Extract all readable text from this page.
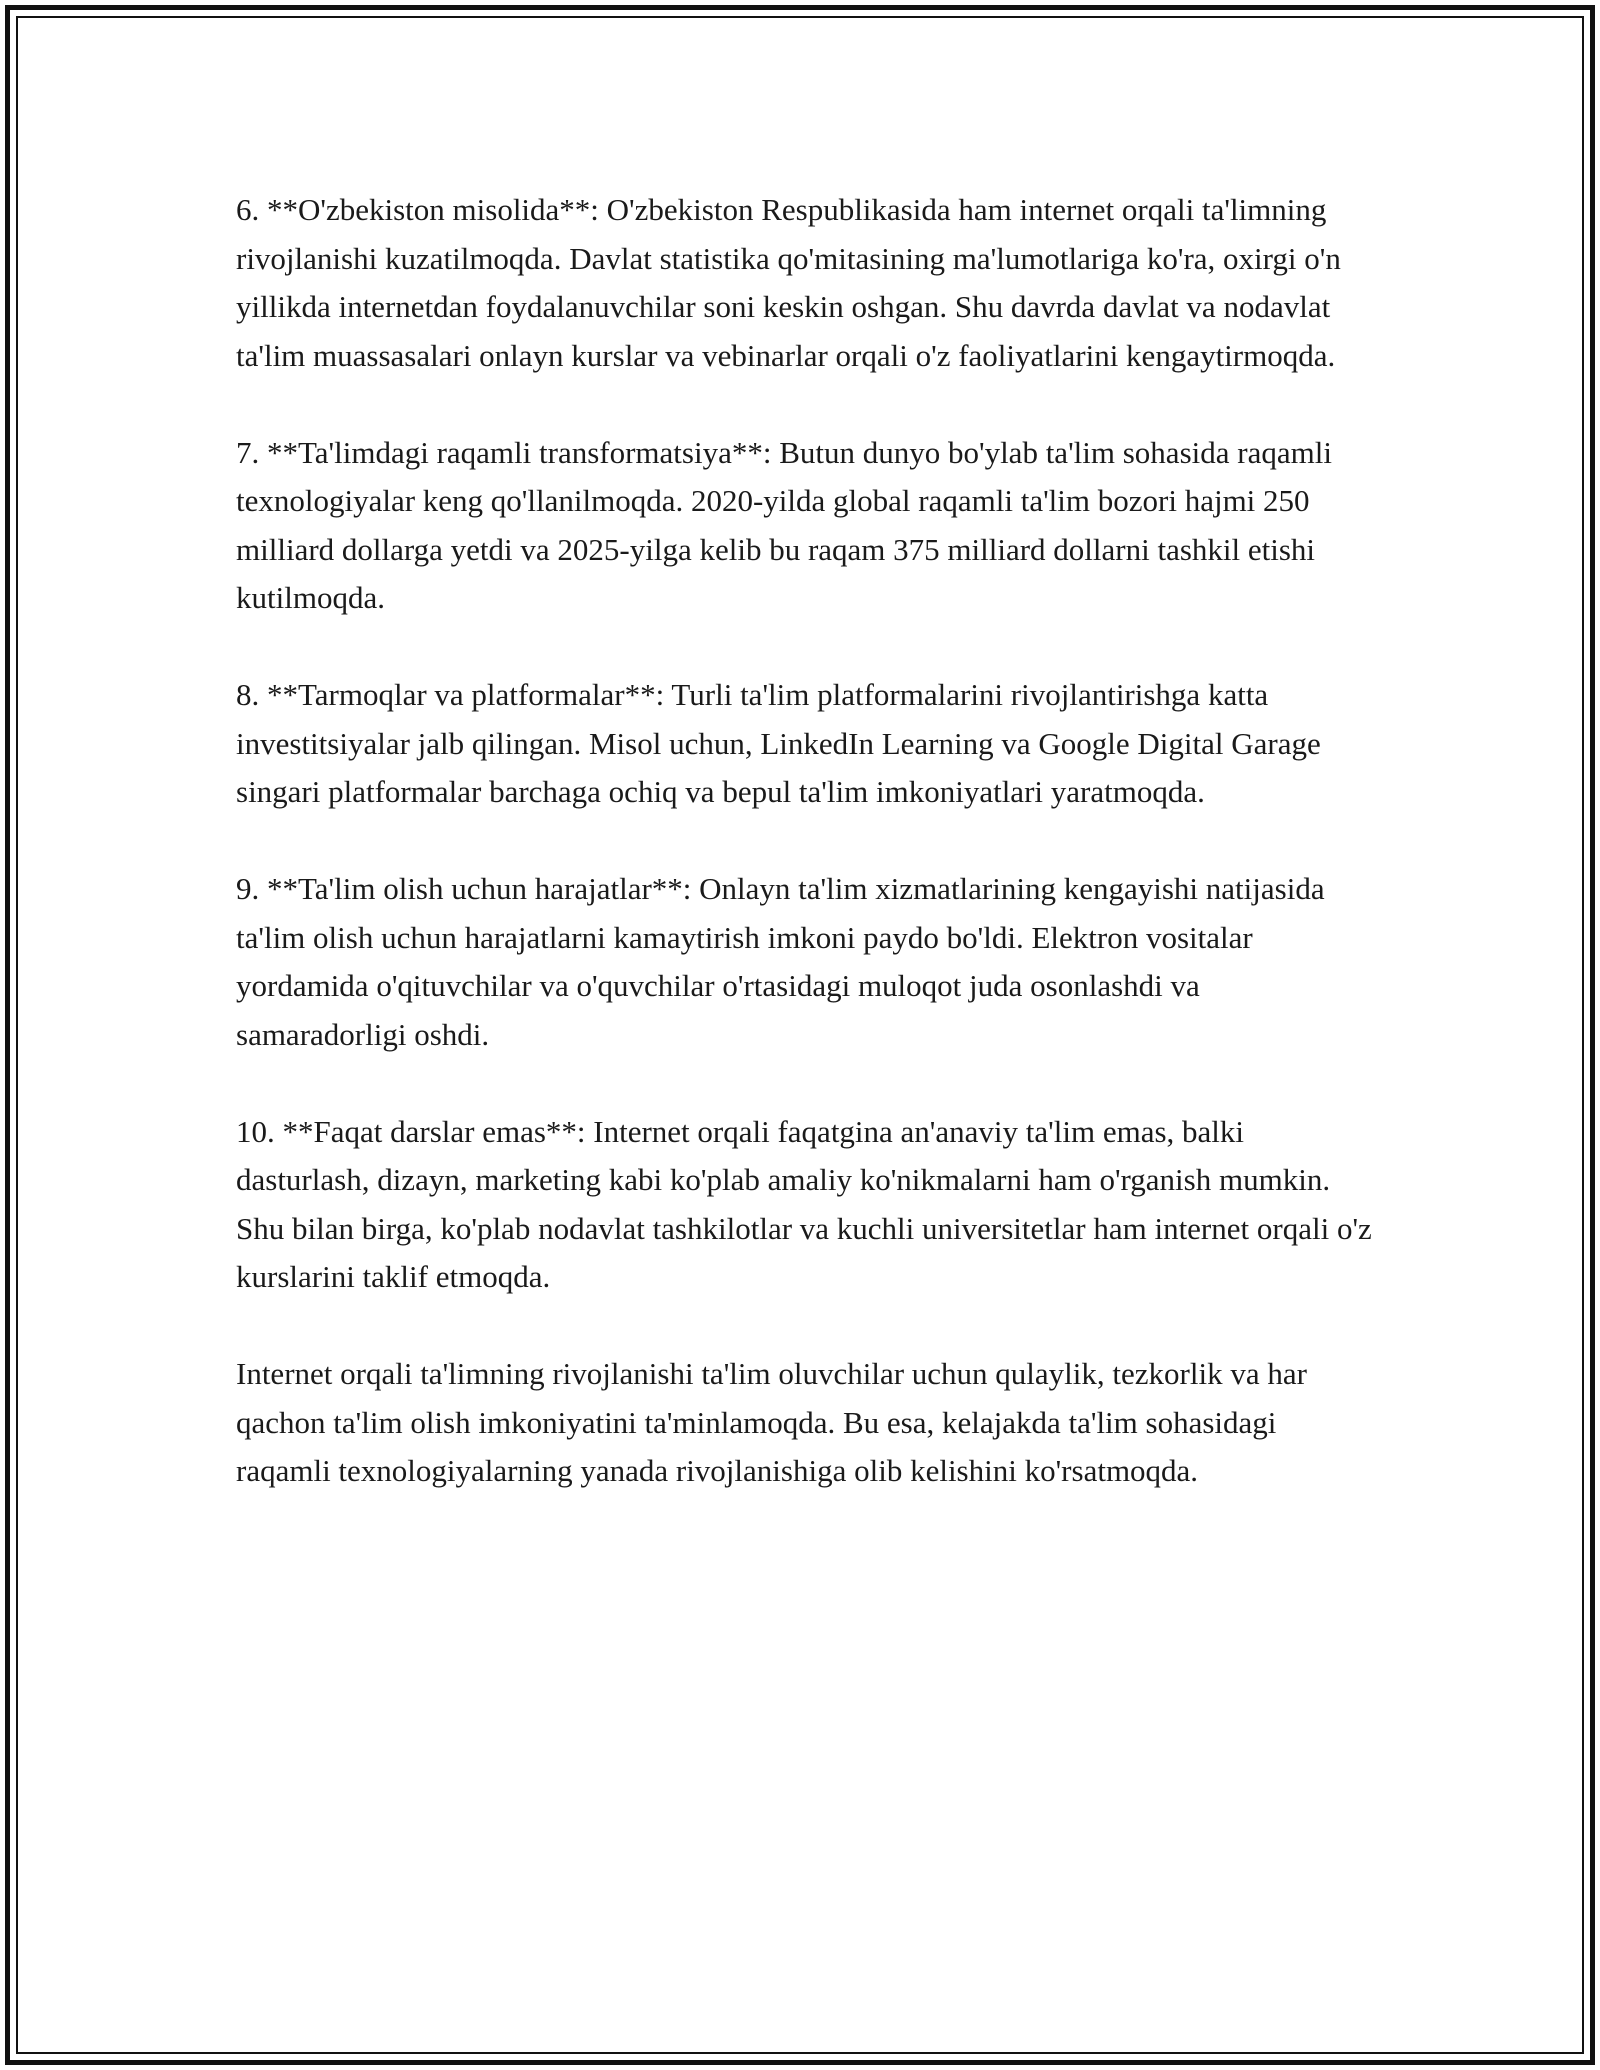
6. **O'zbekiston misolida**: O'zbekiston Respublikasida ham internet orqali ta'limning rivojlanishi kuzatilmoqda. Davlat statistika qo'mitasining ma'lumotlariga ko'ra, oxirgi o'n yillikda internetdan foydalanuvchilar soni keskin oshgan. Shu davrda davlat va nodavlat ta'lim muassasalari onlayn kurslar va vebinarlar orqali o'z faoliyatlarini kengaytirmoqda.

7. **Ta'limdagi raqamli transformatsiya**: Butun dunyo bo'ylab ta'lim sohasida raqamli texnologiyalar keng qo'llanilmoqda. 2020-yilda global raqamli ta'lim bozori hajmi 250 milliard dollarga yetdi va 2025-yilga kelib bu raqam 375 milliard dollarni tashkil etishi kutilmoqda.

8. **Tarmoqlar va platformalar**: Turli ta'lim platformalarini rivojlantirishga katta investitsiyalar jalb qilingan. Misol uchun, LinkedIn Learning va Google Digital Garage singari platformalar barchaga ochiq va bepul ta'lim imkoniyatlari yaratmoqda.

9. **Ta'lim olish uchun harajatlar**: Onlayn ta'lim xizmatlarining kengayishi natijasida ta'lim olish uchun harajatlarni kamaytirish imkoni paydo bo'ldi. Elektron vositalar yordamida o'qituvchilar va o'quvchilar o'rtasidagi muloqot juda osonlashdi va samaradorligi oshdi.

10. **Faqat darslar emas**: Internet orqali faqatgina an'anaviy ta'lim emas, balki dasturlash, dizayn, marketing kabi ko'plab amaliy ko'nikmalarni ham o'rganish mumkin. Shu bilan birga, ko'plab nodavlat tashkilotlar va kuchli universitetlar ham internet orqali o'z kurslarini taklif etmoqda.

Internet orqali ta'limning rivojlanishi ta'lim oluvchilar uchun qulaylik, tezkorlik va har qachon ta'lim olish imkoniyatini ta'minlamoqda. Bu esa, kelajakda ta'lim sohasidagi raqamli texnologiyalarning yanada rivojlanishiga olib kelishini ko'rsatmoqda.
